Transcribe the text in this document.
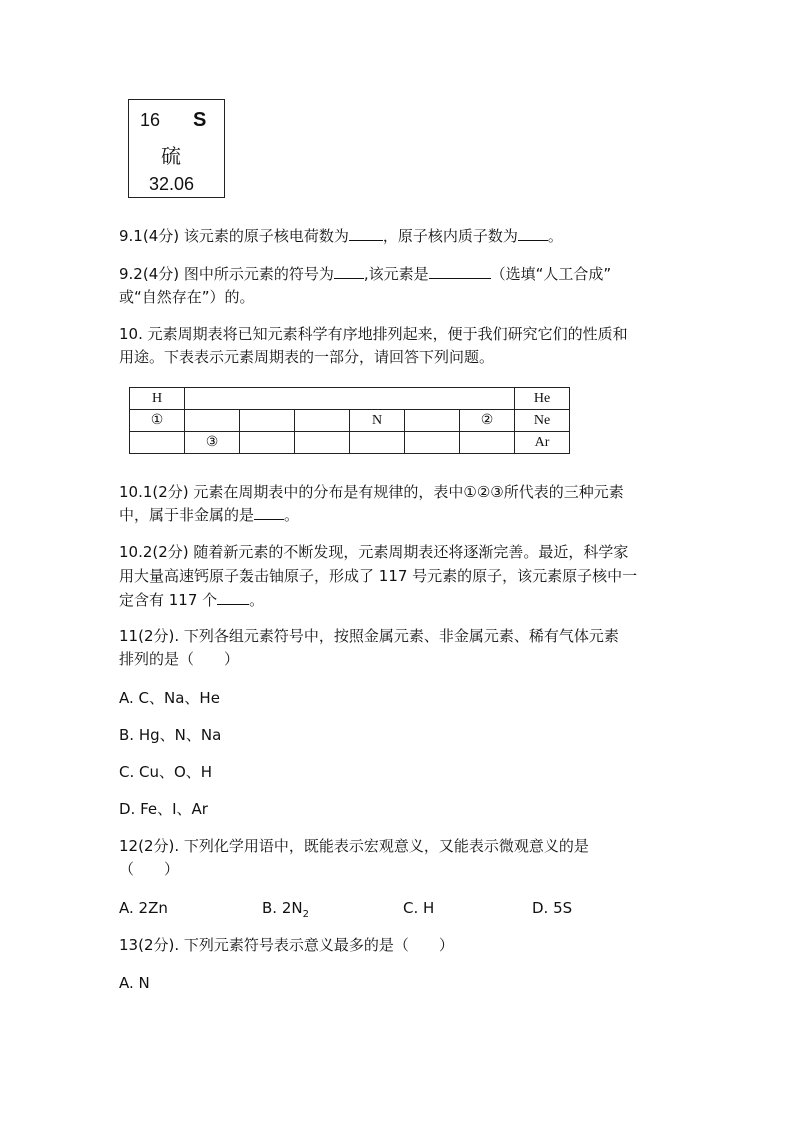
16 S
硫
32.06
9.1(4分) 该元素的原子核电荷数为 ，原子核内质子数为 。
9.2(4分) 图中所示元素的符号为 ,该元素是	（选填“人工合成”
或“自然存在”）的。
10. 元素周期表将已知元素科学有序地排列起来，便于我们研究它们的性质和
用途。下表表示元素周期表的一部分，请回答下列问题。
H							He
①				N		②	Ne
	③						Ar
10.1(2分) 元素在周期表中的分布是有规律的，表中①②③所代表的三种元素
中，属于非金属的是 。
10.2(2分) 随着新元素的不断发现，元素周期表还将逐渐完善。最近，科学家
用大量高速钙原子轰击铀原子，形成了 117 号元素的原子，该元素原子核中一
定含有 117 个 。
11(2分). 下列各组元素符号中，按照金属元素、非金属元素、稀有气体元素
排列的是（　　）
A. C、Na、He
B. Hg、N、Na
C. Cu、O、H
D. Fe、I、Ar
12(2分). 下列化学用语中，既能表示宏观意义，又能表示微观意义的是
（　　）
A. 2Zn	B. $2N_2$	C. H	D. 5S
13(2分). 下列元素符号表示意义最多的是（　　）
A. N
